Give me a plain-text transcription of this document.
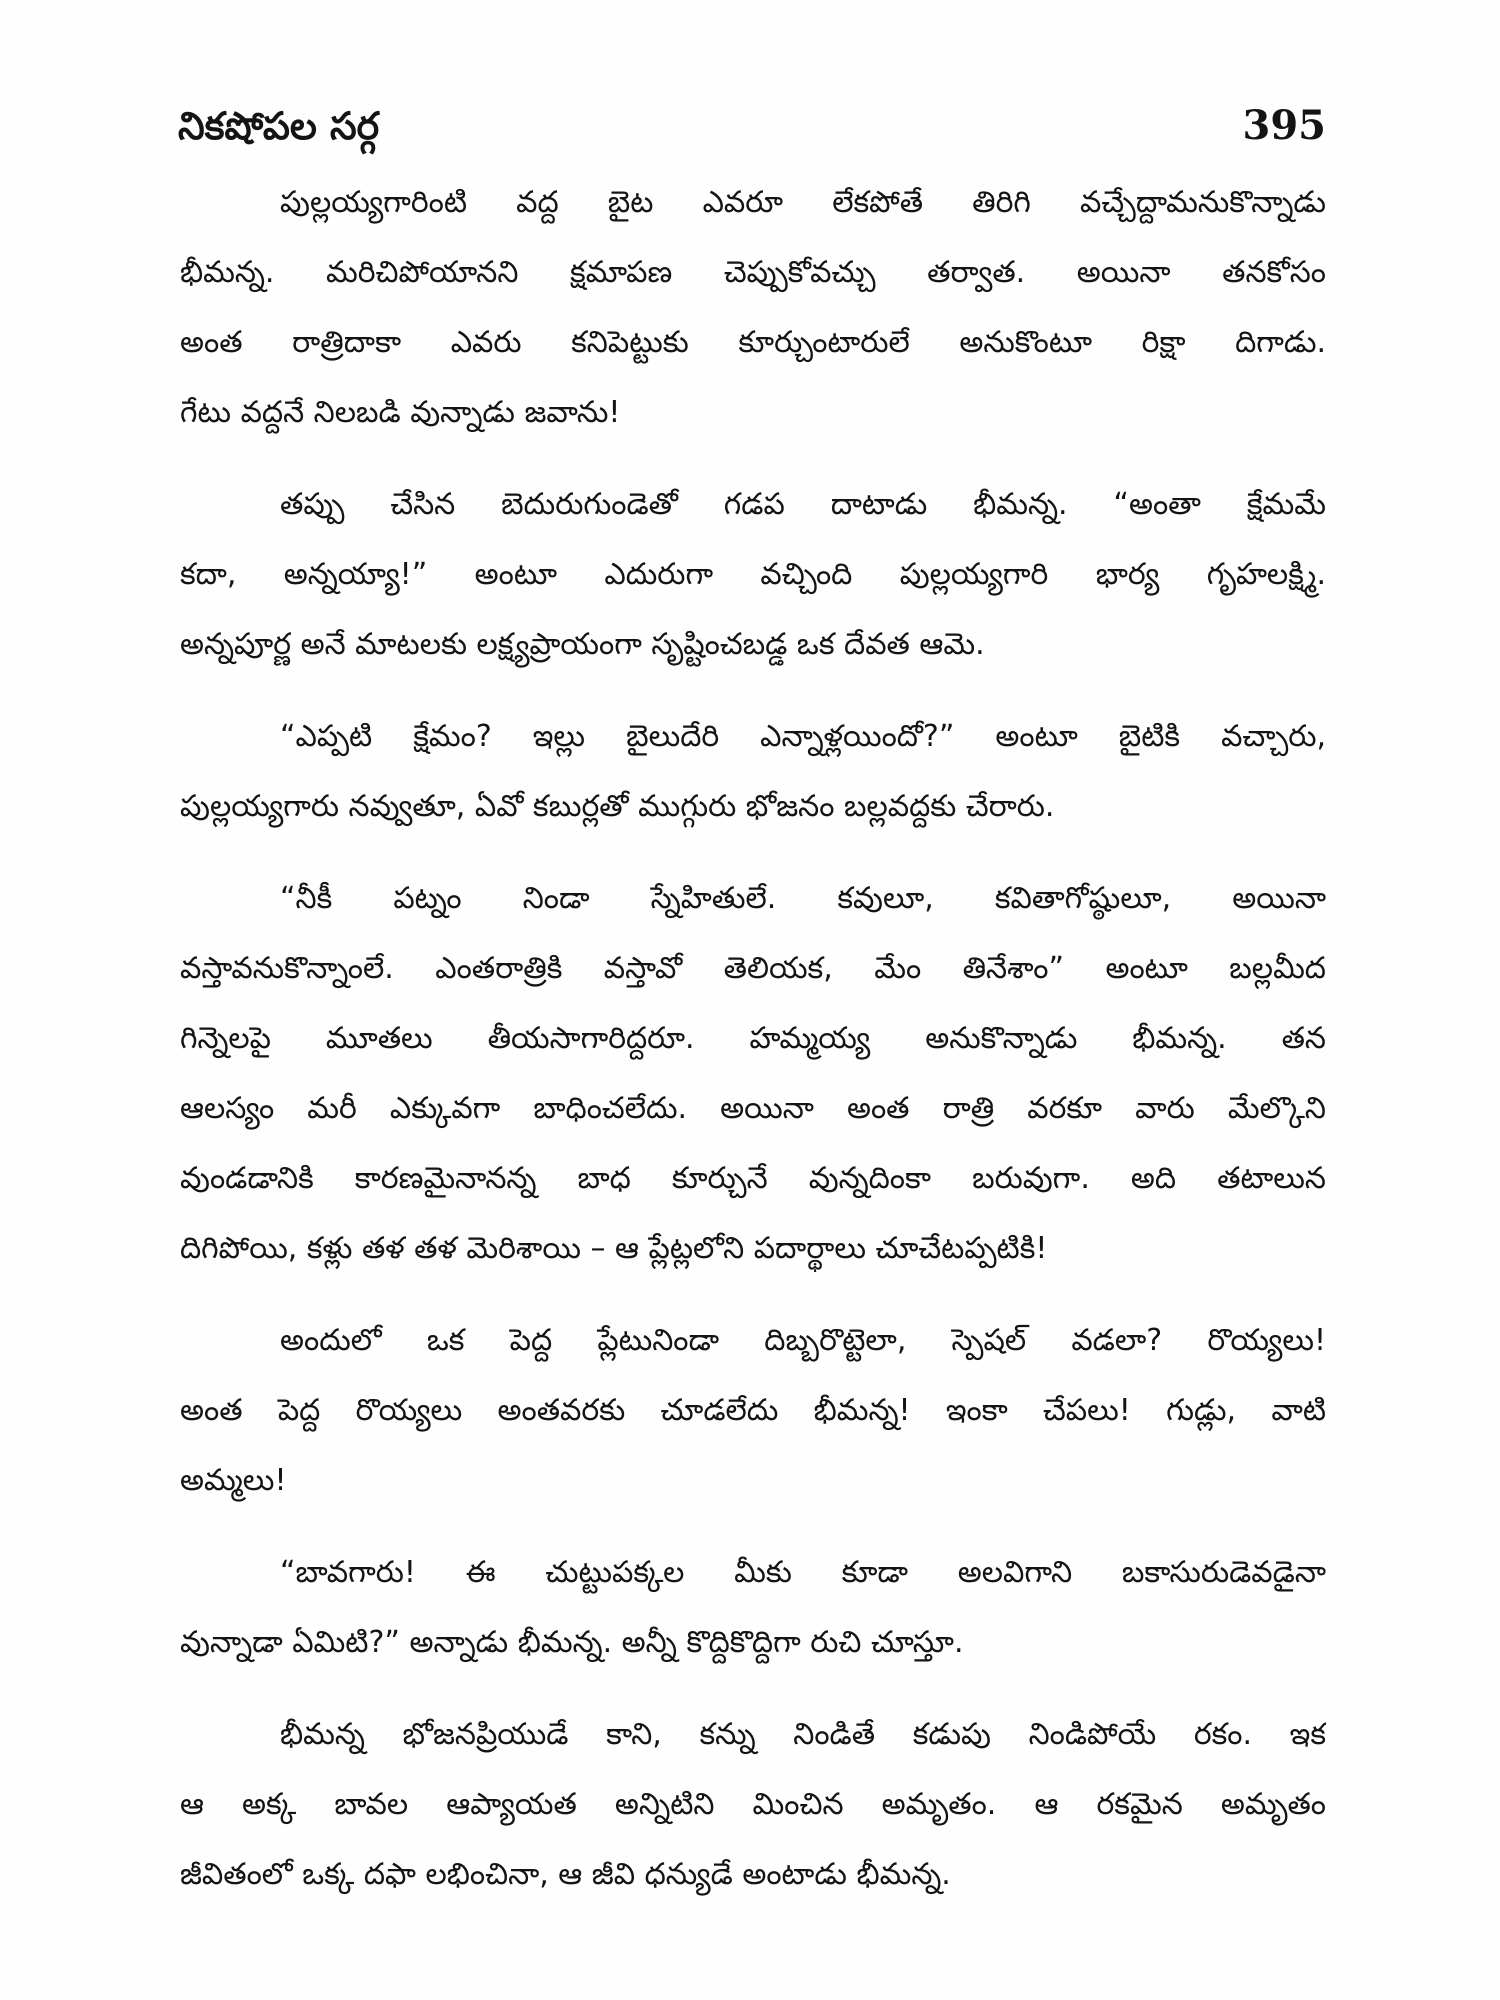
నికషోపల సర్గ	395
పుల్లయ్యగారింటి వద్ద బైట ఎవరూ లేకపోతే తిరిగి వచ్చేద్దామనుకొన్నాడు
భీమన్న. మరిచిపోయానని క్షమాపణ చెప్పుకోవచ్చు తర్వాత. అయినా తనకోసం
అంత రాత్రిదాకా ఎవరు కనిపెట్టుకు కూర్చుంటారులే అనుకొంటూ రిక్షా దిగాడు.
గేటు వద్దనే నిలబడి వున్నాడు జవాను!
తప్పు చేసిన బెదురుగుండెతో గడప దాటాడు భీమన్న. “అంతా క్షేమమే
కదా, అన్నయ్యా!” అంటూ ఎదురుగా వచ్చింది పుల్లయ్యగారి భార్య గృహలక్ష్మి.
అన్నపూర్ణ అనే మాటలకు లక్ష్యప్రాయంగా సృష్టించబడ్డ ఒక దేవత ఆమె.
“ఎప్పటి క్షేమం? ఇల్లు బైలుదేరి ఎన్నాళ్లయిందో?” అంటూ బైటికి వచ్చారు,
పుల్లయ్యగారు నవ్వుతూ, ఏవో కబుర్లతో ముగ్గురు భోజనం బల్లవద్దకు చేరారు.
“నీకీ పట్నం నిండా స్నేహితులే. కవులూ, కవితాగోష్ఠులూ, అయినా
వస్తావనుకొన్నాంలే. ఎంతరాత్రికి వస్తావో తెలియక, మేం తినేశాం” అంటూ బల్లమీద
గిన్నెలపై మూతలు తీయసాగారిద్దరూ. హమ్మయ్య అనుకొన్నాడు భీమన్న. తన
ఆలస్యం మరీ ఎక్కువగా బాధించలేదు. అయినా అంత రాత్రి వరకూ వారు మేల్కొని
వుండడానికి కారణమైనానన్న బాధ కూర్చునే వున్నదింకా బరువుగా. అది తటాలున
దిగిపోయి, కళ్లు తళ తళ మెరిశాయి – ఆ ప్లేట్లలోని పదార్థాలు చూచేటప్పటికి!
అందులో ఒక పెద్ద ప్లేటునిండా దిబ్బరొట్టెలా, స్పెషల్ వడలా? రొయ్యలు!
అంత పెద్ద రొయ్యలు అంతవరకు చూడలేదు భీమన్న! ఇంకా చేపలు! గుడ్లు, వాటి
అమ్మలు!
“బావగారు! ఈ చుట్టుపక్కల మీకు కూడా అలవిగాని బకాసురుడెవడైనా
వున్నాడా ఏమిటి?” అన్నాడు భీమన్న. అన్నీ కొద్దికొద్దిగా రుచి చూస్తూ.
భీమన్న భోజనప్రియుడే కాని, కన్ను నిండితే కడుపు నిండిపోయే రకం. ఇక
ఆ అక్క బావల ఆప్యాయత అన్నిటిని మించిన అమృతం. ఆ రకమైన అమృతం
జీవితంలో ఒక్క దఫా లభించినా, ఆ జీవి ధన్యుడే అంటాడు భీమన్న.
